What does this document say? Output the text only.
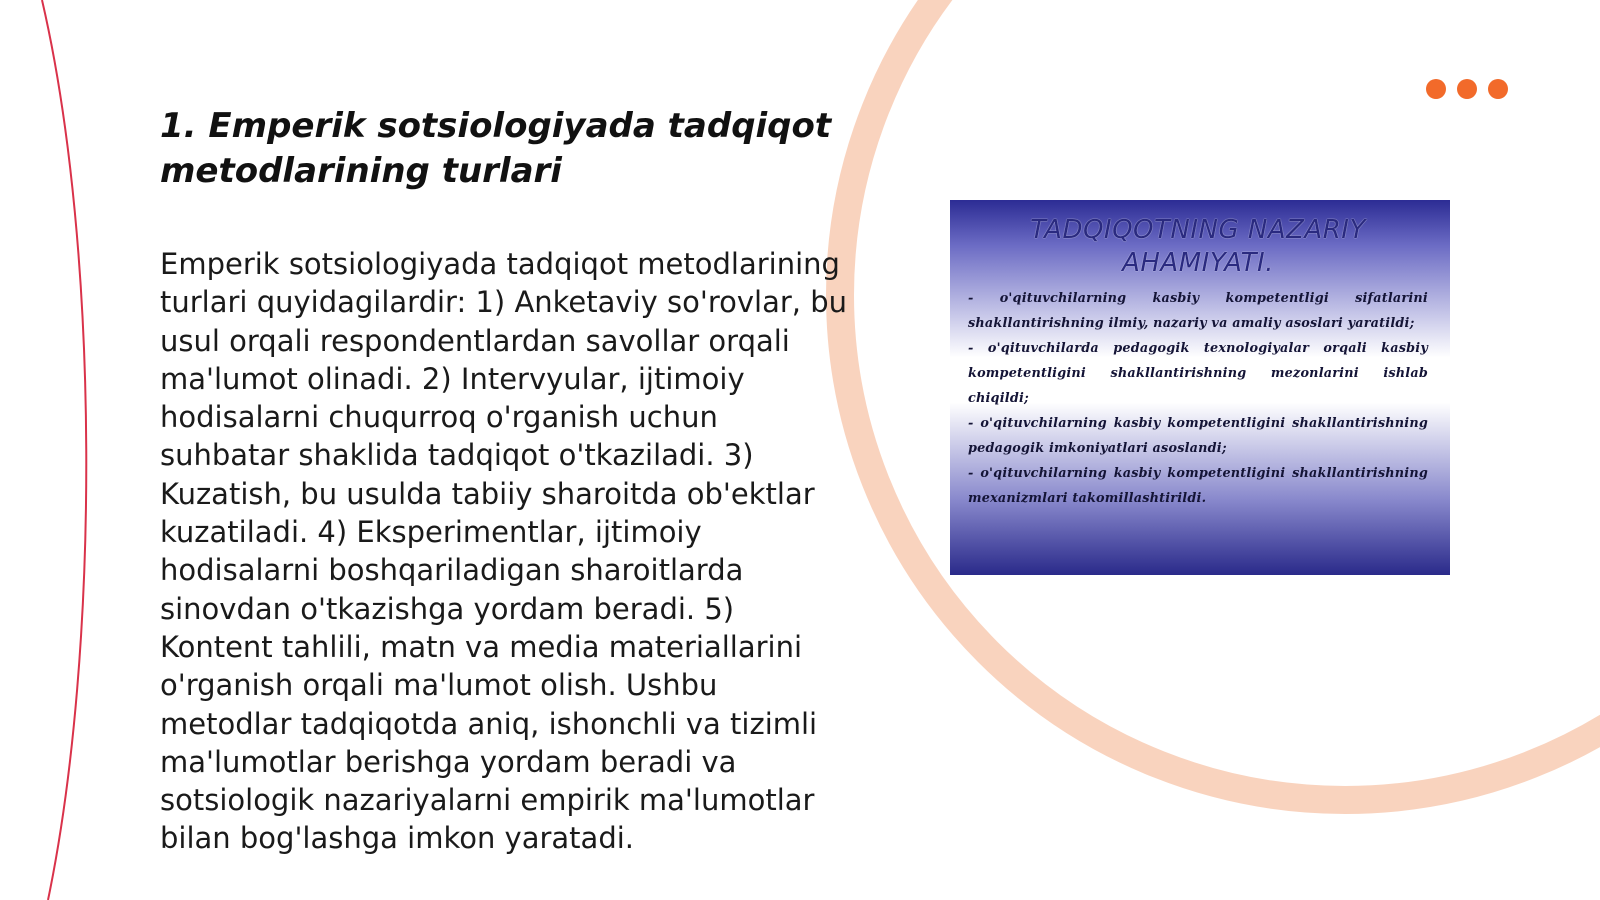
1. Emperik sotsiologiyada tadqiqot metodlarining turlari

Emperik sotsiologiyada tadqiqot metodlarining turlari quyidagilardir: 1) Anketaviy so'rovlar, bu usul orqali respondentlardan savollar orqali ma'lumot olinadi. 2) Intervyular, ijtimoiy hodisalarni chuqurroq o'rganish uchun suhbatar shaklida tadqiqot o'tkaziladi. 3) Kuzatish, bu usulda tabiiy sharoitda ob'ektlar kuzatiladi. 4) Eksperimentlar, ijtimoiy hodisalarni boshqariladigan sharoitlarda sinovdan o'tkazishga yordam beradi. 5) Kontent tahlili, matn va media materiallarini o'rganish orqali ma'lumot olish. Ushbu metodlar tadqiqotda aniq, ishonchli va tizimli ma'lumotlar berishga yordam beradi va sotsiologik nazariyalarni empirik ma'lumotlar bilan bog'lashga imkon yaratadi.

TADQIQOTNING NAZARIY
AHAMIYATI.
- o'qituvchilarning kasbiy kompetentligi sifatlarini shakllantirishning ilmiy, nazariy va amaliy asoslari yaratildi;
- o'qituvchilarda pedagogik texnologiyalar orqali kasbiy kompetentligini shakllantirishning mezonlarini ishlab chiqildi;
- o'qituvchilarning kasbiy kompetentligini shakllantirishning pedagogik imkoniyatlari asoslandi;
- o'qituvchilarning kasbiy kompetentligini shakllantirishning mexanizmlari takomillashtirildi.
